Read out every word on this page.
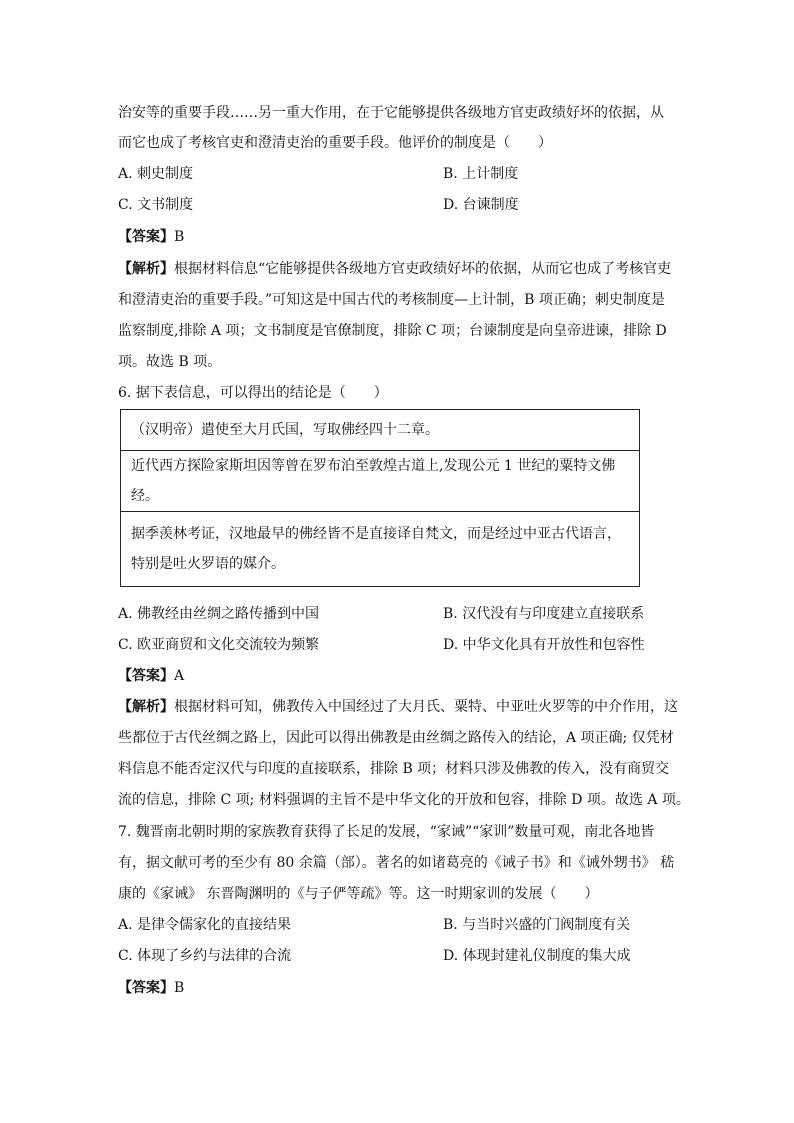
治安等的重要手段……另一重大作用，在于它能够提供各级地方官吏政绩好坏的依据，从
而它也成了考核官吏和澄清吏治的重要手段。他评价的制度是（　　）
A. 刺史制度	B. 上计制度
C. 文书制度	D. 台谏制度
【答案】B
【解析】根据材料信息“它能够提供各级地方官吏政绩好坏的依据，从而它也成了考核官吏
和澄清吏治的重要手段。”可知这是中国古代的考核制度—上计制，B 项正确；刺史制度是
监察制度,排除 A 项；文书制度是官僚制度，排除 C 项；台谏制度是向皇帝进谏，排除 D
项。故选 B 项。
6. 据下表信息，可以得出的结论是（　　）
（汉明帝）遣使至大月氏国，写取佛经四十二章。
近代西方探险家斯坦因等曾在罗布泊至敦煌古道上,发现公元 1 世纪的粟特文佛经。
据季羡林考证，汉地最早的佛经皆不是直接译自梵文，而是经过中亚古代语言，特别是吐火罗语的媒介。
A. 佛教经由丝绸之路传播到中国	B. 汉代没有与印度建立直接联系
C. 欧亚商贸和文化交流较为频繁	D. 中华文化具有开放性和包容性
【答案】A
【解析】根据材料可知，佛教传入中国经过了大月氏、粟特、中亚吐火罗等的中介作用，这
些都位于古代丝绸之路上，因此可以得出佛教是由丝绸之路传入的结论，A 项正确; 仅凭材
料信息不能否定汉代与印度的直接联系，排除 B 项；材料只涉及佛教的传入，没有商贸交
流的信息，排除 C 项; 材料强调的主旨不是中华文化的开放和包容，排除 D 项。故选 A 项。
7. 魏晋南北朝时期的家族教育获得了长足的发展，“家诫”“家训”数量可观，南北各地皆
有，据文献可考的至少有 80 余篇（部）。著名的如诸葛亮的《诫子书》和《诫外甥书》 嵇
康的《家诫》 东晋陶渊明的《与子俨等疏》等。这一时期家训的发展（　　）
A. 是律令儒家化的直接结果	B. 与当时兴盛的门阀制度有关
C. 体现了乡约与法律的合流	D. 体现封建礼仪制度的集大成
【答案】B
